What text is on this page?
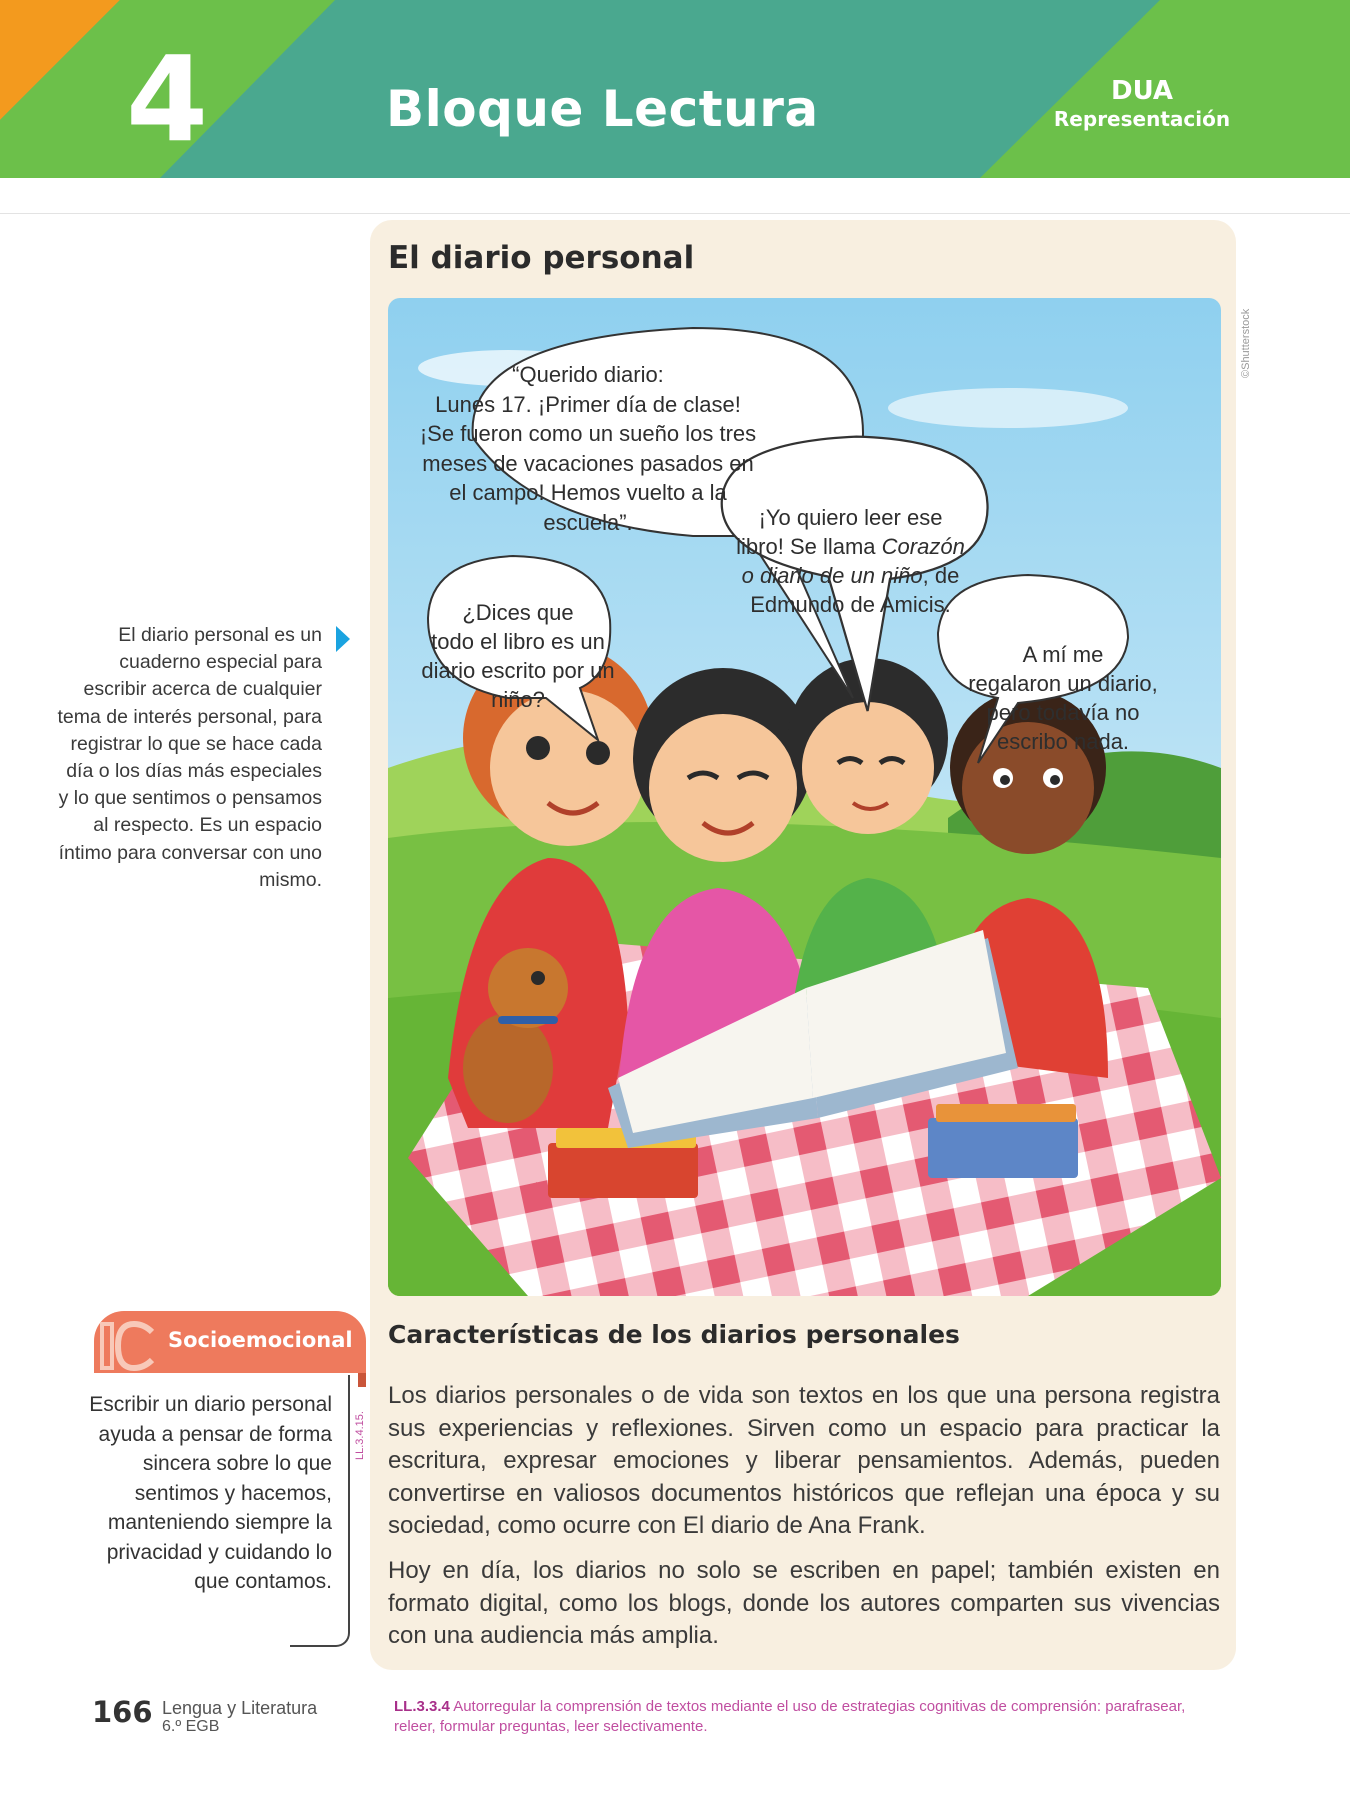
4	Bloque Lectura	DUA
Representación
El diario personal
©Shutterstock
“Querido diario:
Lunes 17. ¡Primer día de clase!
¡Se fueron como un sueño los tres
meses de vacaciones pasados en
el campo! Hemos vuelto a la
escuela”.	¡Yo quiero leer ese
libro! Se llama Corazón
o diario de un niño, de
Edmundo de Amicis.
¿Dices que
todo el libro es un
diario escrito por un
niño?
A mí me
regalaron un diario,
pero todavía no
escribo nada.
El diario personal es un cuaderno especial para escribir acerca de cualquier tema de interés personal, para registrar lo que se hace cada día o los días más especiales y lo que sentimos o pensamos al respecto. Es un espacio íntimo para conversar con uno mismo.
Socioemocional
Escribir un diario personal ayuda a pensar de forma sincera sobre lo que sentimos y hacemos, manteniendo siempre la privacidad y cuidando lo que contamos.
LL.3.4.15.
Características de los diarios personales
Los diarios personales o de vida son textos en los que una persona registra sus experiencias y reflexiones. Sirven como un espacio para practicar la escritura, expresar emociones y liberar pensamientos. Además, pueden convertirse en valiosos documentos históricos que reflejan una época y su sociedad, como ocurre con El diario de Ana Frank.
Hoy en día, los diarios no solo se escriben en papel; también existen en formato digital, como los blogs, donde los autores comparten sus vivencias con una audiencia más amplia.
166 Lengua y Literatura
6.º EGB
LL.3.3.4 Autorregular la comprensión de textos mediante el uso de estrategias cognitivas de comprensión: parafrasear, releer, formular preguntas, leer selectivamente.
